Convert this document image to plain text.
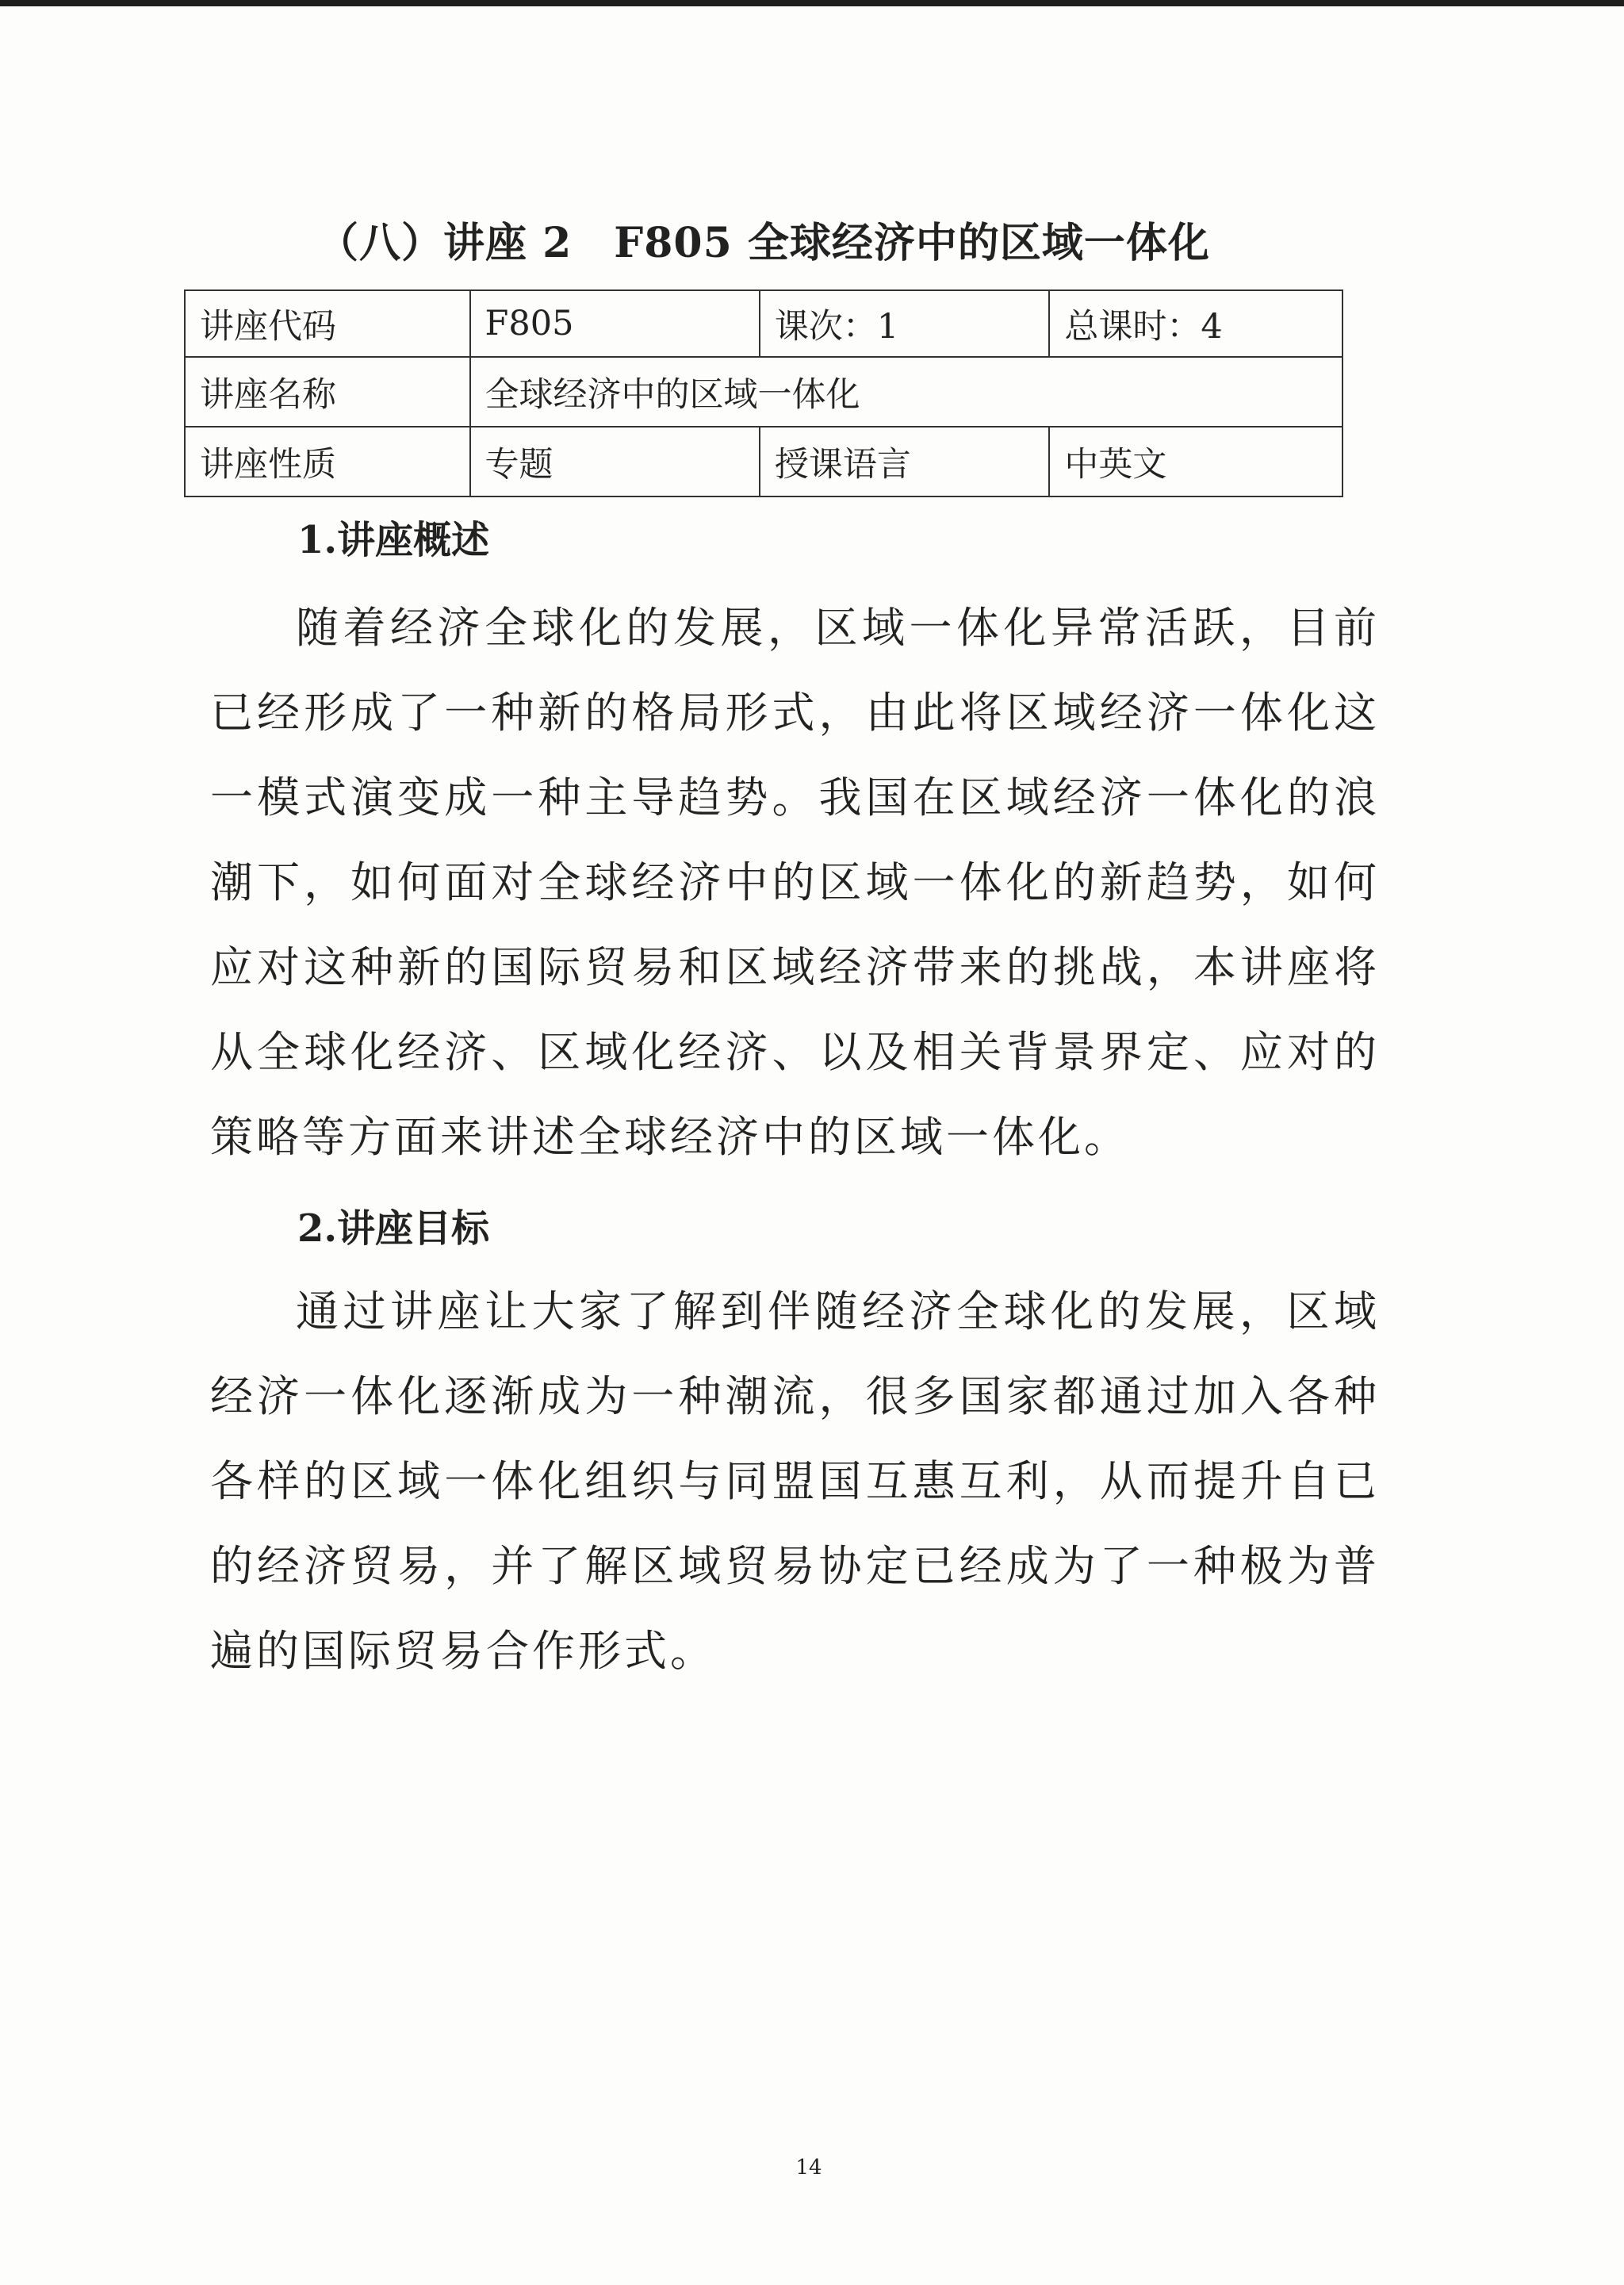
（八）讲座 2　F805 全球经济中的区域一体化
讲座代码	F805	课次：1	总课时：4
讲座名称	全球经济中的区域一体化		
讲座性质	专题	授课语言	中英文
1.讲座概述
随着经济全球化的发展，区域一体化异常活跃，目前已经形成了一种新的格局形式，由此将区域经济一体化这一模式演变成一种主导趋势。我国在区域经济一体化的浪潮下，如何面对全球经济中的区域一体化的新趋势，如何应对这种新的国际贸易和区域经济带来的挑战，本讲座将从全球化经济、区域化经济、以及相关背景界定、应对的策略等方面来讲述全球经济中的区域一体化。
2.讲座目标
通过讲座让大家了解到伴随经济全球化的发展，区域经济一体化逐渐成为一种潮流，很多国家都通过加入各种各样的区域一体化组织与同盟国互惠互利，从而提升自已的经济贸易，并了解区域贸易协定已经成为了一种极为普遍的国际贸易合作形式。
14
